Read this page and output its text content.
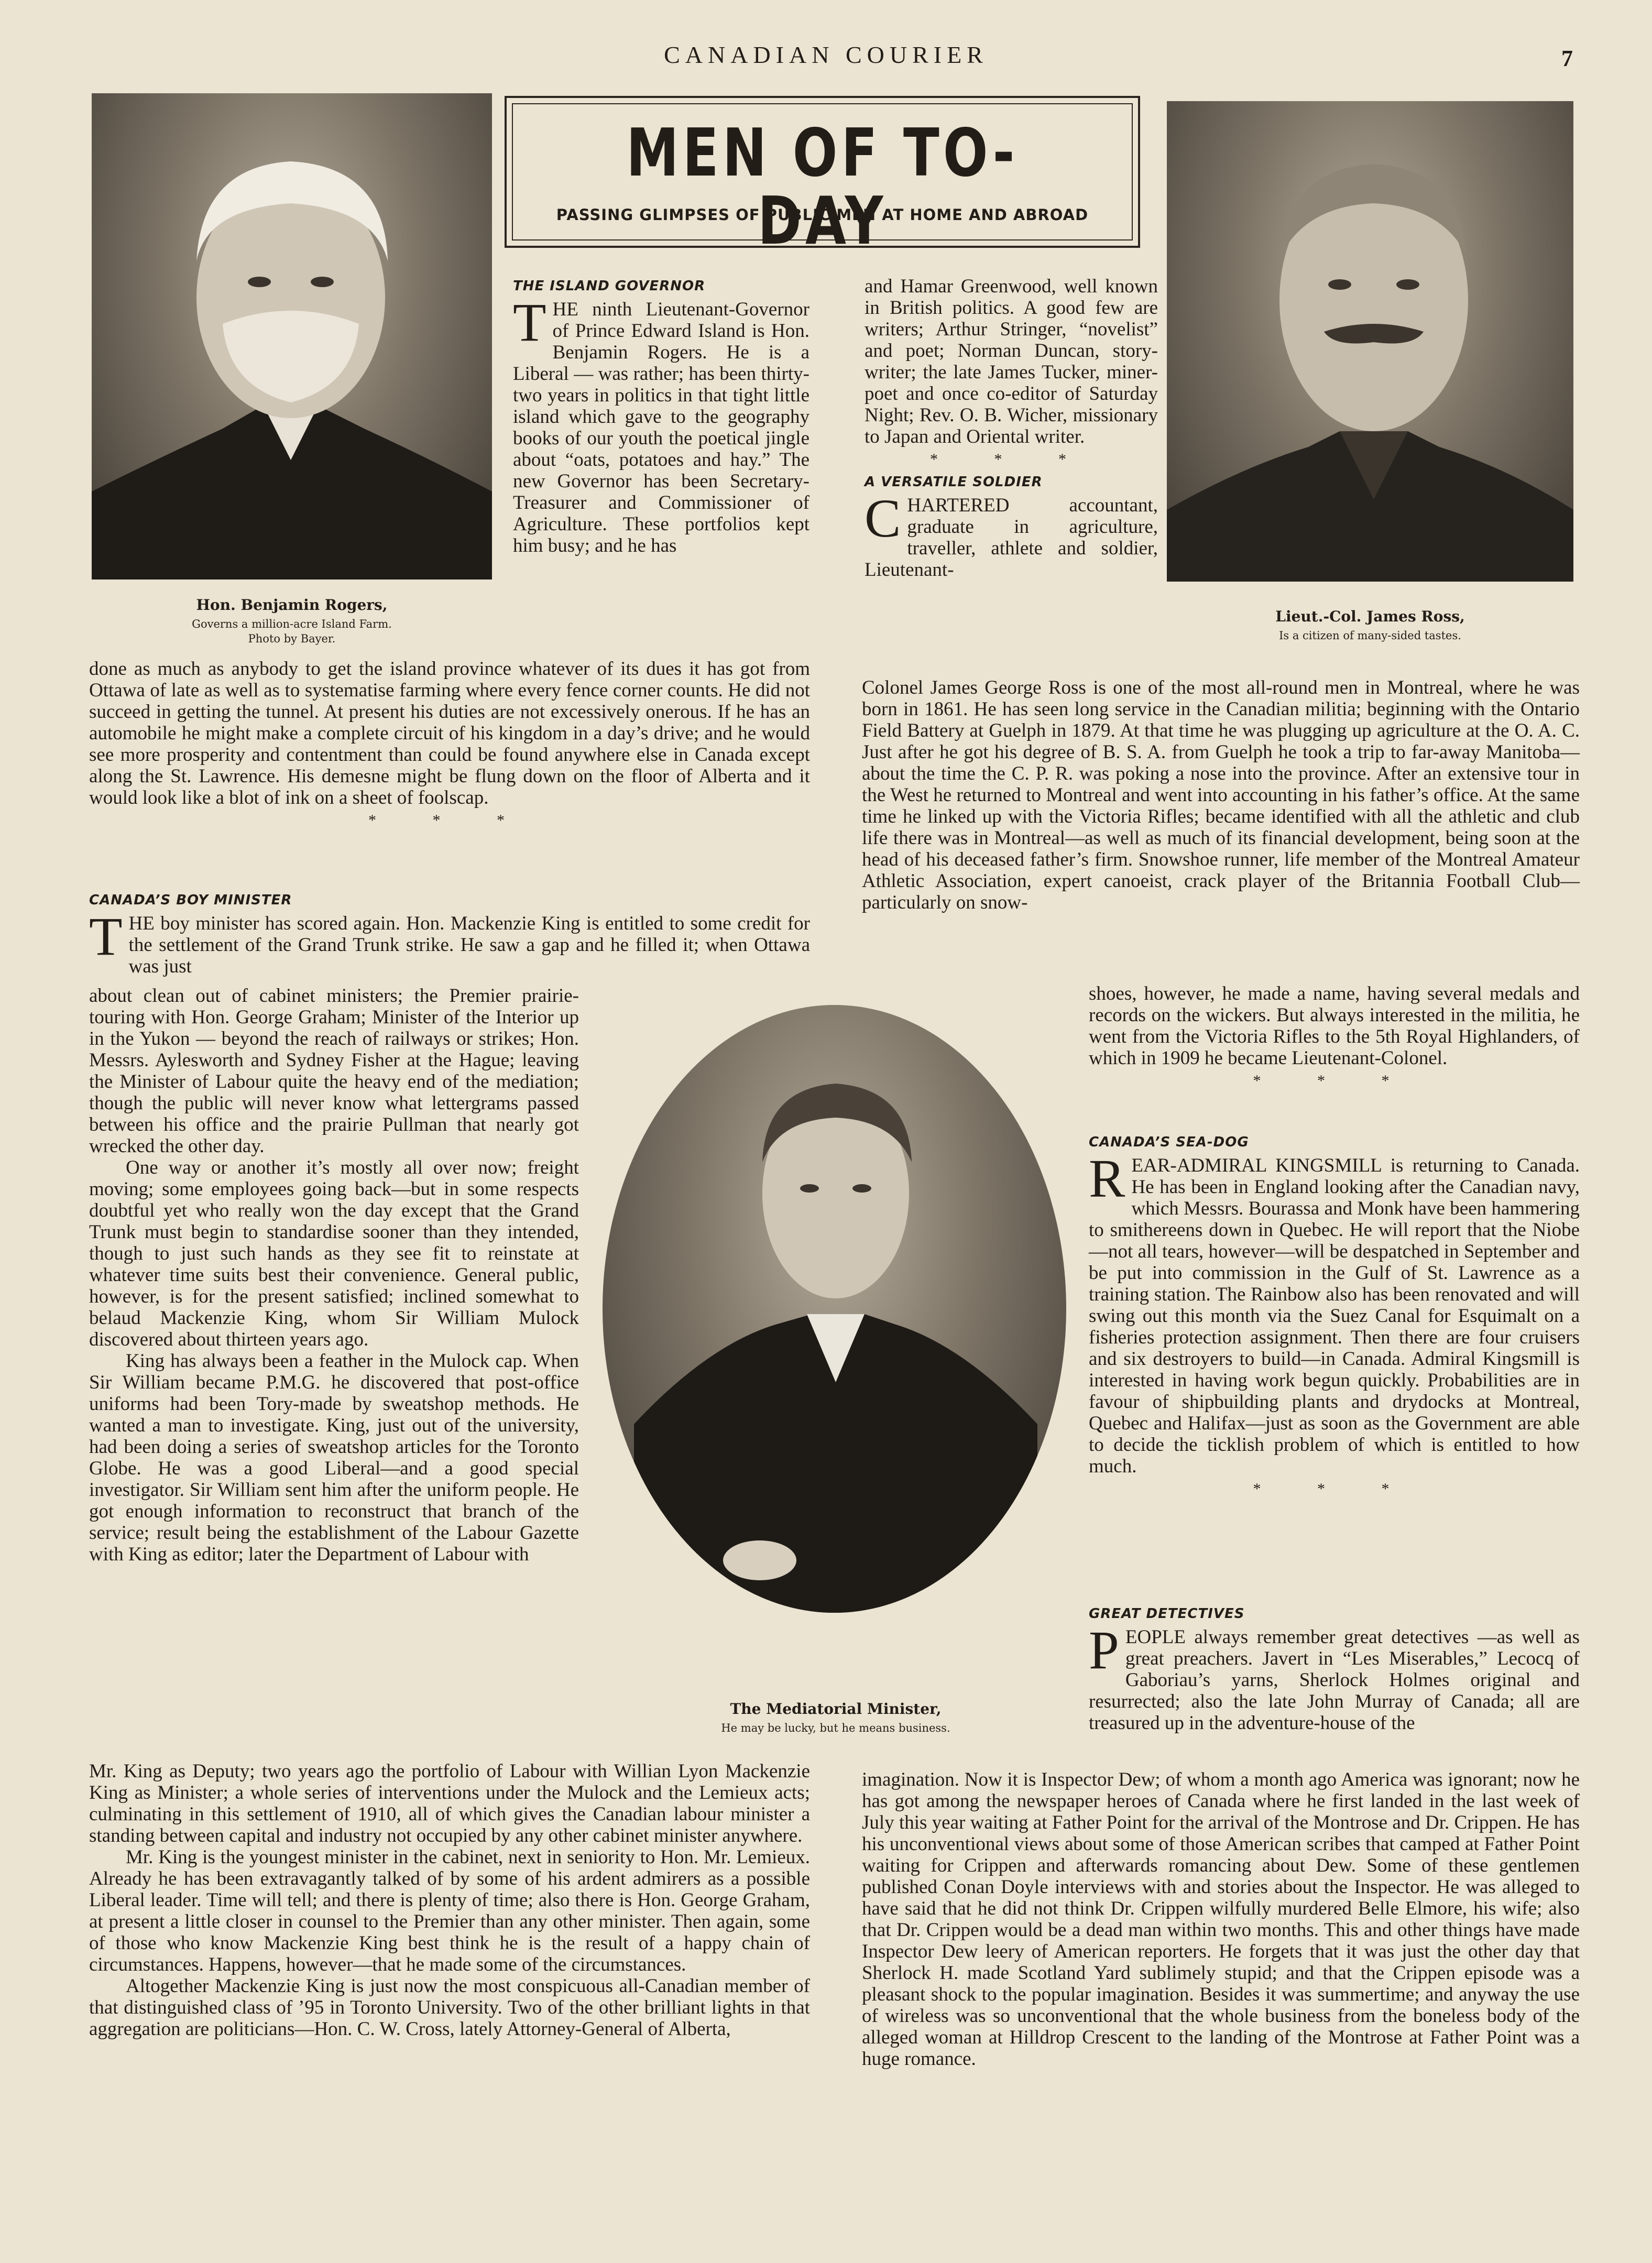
CANADIAN COURIER	7
Hon. Benjamin Rogers,
Governs a million-acre Island Farm.
Photo by Bayer.
MEN OF TO-DAY
PASSING GLIMPSES OF PUBLIC MEN AT HOME AND ABROAD
Lieut.-Col. James Ross,
Is a citizen of many-sided tastes.
The Mediatorial Minister,
He may be lucky, but he means business.
THE ISLAND GOVERNOR

THE ninth Lieutenant-Governor of Prince Edward Island is Hon. Benjamin Rogers. He is a Liberal — was rather; has been thirty-two years in politics in that tight little island which gave to the geography books of our youth the poetical jingle about “oats, potatoes and hay.” The new Governor has been Secretary-Treasurer and Commissioner of Agriculture. These portfolios kept him busy; and he has

done as much as anybody to get the island province whatever of its dues it has got from Ottawa of late as well as to systematise farming where every fence corner counts. He did not succeed in getting the tunnel. At present his duties are not excessively onerous. If he has an automobile he might make a complete circuit of his kingdom in a day’s drive; and he would see more prosperity and contentment than could be found anywhere else in Canada except along the St. Lawrence. His demesne might be flung down on the floor of Alberta and it would look like a blot of ink on a sheet of foolscap.

* * *
CANADA’S BOY MINISTER

THE boy minister has scored again. Hon. Mackenzie King is entitled to some credit for the settlement of the Grand Trunk strike. He saw a gap and he filled it; when Ottawa was just

about clean out of cabinet ministers; the Premier prairie-touring with Hon. George Graham; Minister of the Interior up in the Yukon — beyond the reach of railways or strikes; Hon. Messrs. Aylesworth and Sydney Fisher at the Hague; leaving the Minister of Labour quite the heavy end of the mediation; though the public will never know what lettergrams passed between his office and the prairie Pullman that nearly got wrecked the other day.

One way or another it’s mostly all over now; freight moving; some employees going back—but in some respects doubtful yet who really won the day except that the Grand Trunk must begin to standardise sooner than they intended, though to just such hands as they see fit to reinstate at whatever time suits best their convenience. General public, however, is for the present satisfied; inclined somewhat to belaud Mackenzie King, whom Sir William Mulock discovered about thirteen years ago.

King has always been a feather in the Mulock cap. When Sir William became P.M.G. he discovered that post-office uniforms had been Tory-made by sweatshop methods. He wanted a man to investigate. King, just out of the university, had been doing a series of sweatshop articles for the Toronto Globe. He was a good Liberal—and a good special investigator. Sir William sent him after the uniform people. He got enough information to reconstruct that branch of the service; result being the establishment of the Labour Gazette with King as editor; later the Department of Labour with

Mr. King as Deputy; two years ago the portfolio of Labour with Willian Lyon Mackenzie King as Minister; a whole series of interventions under the Mulock and the Lemieux acts; culminating in this settlement of 1910, all of which gives the Canadian labour minister a standing between capital and industry not occupied by any other cabinet minister anywhere.

Mr. King is the youngest minister in the cabinet, next in seniority to Hon. Mr. Lemieux. Already he has been extravagantly talked of by some of his ardent admirers as a possible Liberal leader. Time will tell; and there is plenty of time; also there is Hon. George Graham, at present a little closer in counsel to the Premier than any other minister. Then again, some of those who know Mackenzie King best think he is the result of a happy chain of circumstances. Happens, however—that he made some of the circumstances.

Altogether Mackenzie King is just now the most conspicuous all-Canadian member of that distinguished class of ’95 in Toronto University. Two of the other brilliant lights in that aggregation are politicians—Hon. C. W. Cross, lately Attorney-General of Alberta,

and Hamar Greenwood, well known in British politics. A good few are writers; Arthur Stringer, “novelist” and poet; Norman Duncan, story-writer; the late James Tucker, miner-poet and once co-editor of Saturday Night; Rev. O. B. Wicher, missionary to Japan and Oriental writer.

* * *
A VERSATILE SOLDIER

CHARTERED accountant, graduate in agriculture, traveller, athlete and soldier, Lieutenant-

Colonel James George Ross is one of the most all-round men in Montreal, where he was born in 1861. He has seen long service in the Canadian militia; beginning with the Ontario Field Battery at Guelph in 1879. At that time he was plugging up agriculture at the O. A. C. Just after he got his degree of B. S. A. from Guelph he took a trip to far-away Manitoba—about the time the C. P. R. was poking a nose into the province. After an extensive tour in the West he returned to Montreal and went into accounting in his father’s office. At the same time he linked up with the Victoria Rifles; became identified with all the athletic and club life there was in Montreal—as well as much of its financial development, being soon at the head of his deceased father’s firm. Snowshoe runner, life member of the Montreal Amateur Athletic Association, expert canoeist, crack player of the Britannia Football Club—particularly on snow-

shoes, however, he made a name, having several medals and records on the wickers. But always interested in the militia, he went from the Victoria Rifles to the 5th Royal Highlanders, of which in 1909 he became Lieutenant-Colonel.

* * *
CANADA’S SEA-DOG

REAR-ADMIRAL KINGSMILL is returning to Canada. He has been in England looking after the Canadian navy, which Messrs. Bourassa and Monk have been hammering to smithereens down in Quebec. He will report that the Niobe—not all tears, however—will be despatched in September and be put into commission in the Gulf of St. Lawrence as a training station. The Rainbow also has been renovated and will swing out this month via the Suez Canal for Esquimalt on a fisheries protection assignment. Then there are four cruisers and six destroyers to build—in Canada. Admiral Kingsmill is interested in having work begun quickly. Probabilities are in favour of shipbuilding plants and drydocks at Montreal, Quebec and Halifax—just as soon as the Government are able to decide the ticklish problem of which is entitled to how much.

* * *
GREAT DETECTIVES

PEOPLE always remember great detectives —as well as great preachers. Javert in “Les Miserables,” Lecocq of Gaboriau’s yarns, Sherlock Holmes original and resurrected; also the late John Murray of Canada; all are treasured up in the adventure-house of the

imagination. Now it is Inspector Dew; of whom a month ago America was ignorant; now he has got among the newspaper heroes of Canada where he first landed in the last week of July this year waiting at Father Point for the arrival of the Montrose and Dr. Crippen. He has his unconventional views about some of those American scribes that camped at Father Point waiting for Crippen and afterwards romancing about Dew. Some of these gentlemen published Conan Doyle interviews with and stories about the Inspector. He was alleged to have said that he did not think Dr. Crippen wilfully murdered Belle Elmore, his wife; also that Dr. Crippen would be a dead man within two months. This and other things have made Inspector Dew leery of American reporters. He forgets that it was just the other day that Sherlock H. made Scotland Yard sublimely stupid; and that the Crippen episode was a pleasant shock to the popular imagination. Besides it was summertime; and anyway the use of wireless was so unconventional that the whole business from the boneless body of the alleged woman at Hilldrop Crescent to the landing of the Montrose at Father Point was a huge romance.
